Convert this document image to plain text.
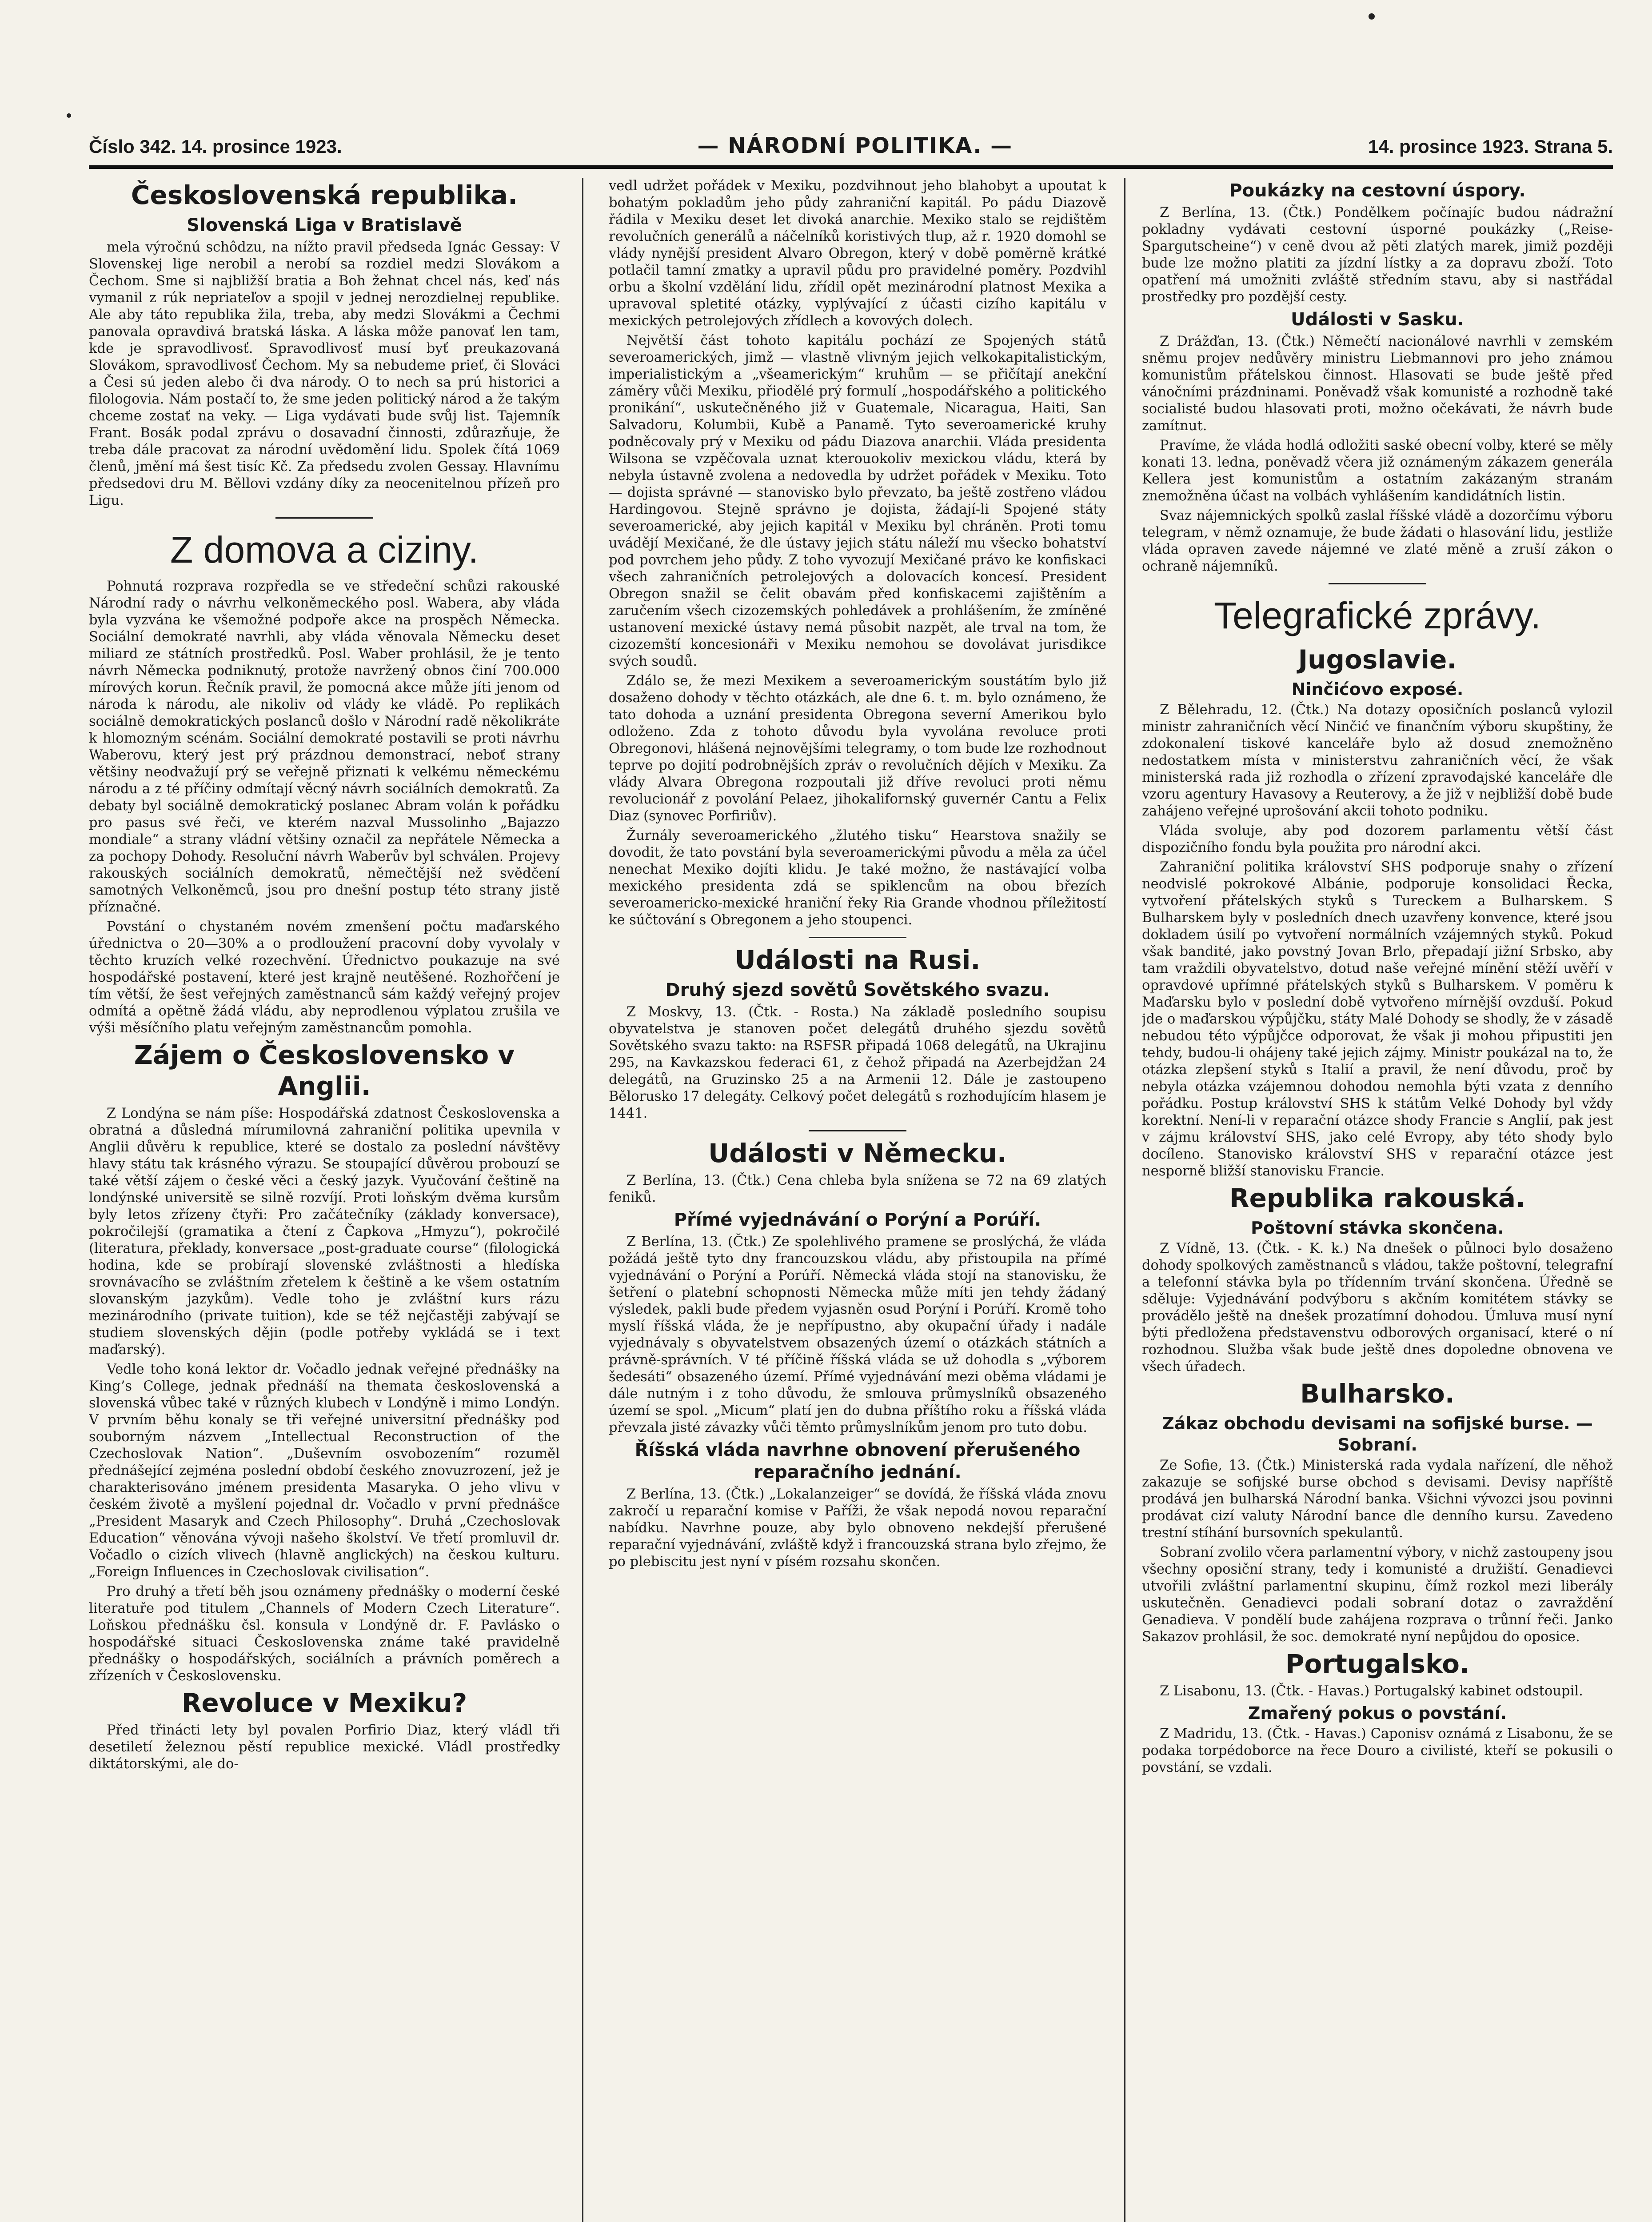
Číslo 342. 14. prosince 1923.	— NÁRODNÍ POLITIKA. —	14. prosince 1923. Strana 5.
Československá republika.
Slovenská Liga v Bratislavě

mela výročnú schôdzu, na nížto pravil předseda Ignác Gessay: V Slovenskej lige nerobil a nerobí sa rozdiel medzi Slovákom a Čechom. Sme si najbližší bratia a Boh žehnat chcel nás, keď nás vymanil z rúk nepriateľov a spojil v jednej nerozdielnej republike. Ale aby táto republika žila, treba, aby medzi Slovákmi a Čechmi panovala opravdivá bratská láska. A láska môže panovať len tam, kde je spravodlivosť. Spravodlivosť musí byť preukazovaná Slovákom, spravodlivosť Čechom. My sa nebudeme prieť, či Slováci a Česi sú jeden alebo či dva národy. O to nech sa prú historici a filologovia. Nám postačí to, že sme jeden politický národ a že takým chceme zostať na veky. — Liga vydávati bude svůj list. Tajemník Frant. Bosák podal zprávu o dosavadní činnosti, zdůrazňuje, že treba dále pracovat za národní uvědomění lidu. Spolek čítá 1069 členů, jmění má šest tisíc Kč. Za předsedu zvolen Gessay. Hlavnímu předsedovi dru M. Běllovi vzdány díky za neocenitelnou přízeň pro Ligu.

Z domova a ciziny.

Pohnutá rozprava rozpředla se ve středeční schůzi rakouské Národní rady o návrhu velkoněmeckého posl. Wabera, aby vláda byla vyzvána ke všemožné podpoře akce na prospěch Německa. Sociální demokraté navrhli, aby vláda věnovala Německu deset miliard ze státních prostředků. Posl. Waber prohlásil, že je tento návrh Německa podniknutý, protože navržený obnos činí 700.000 mírových korun. Řečník pravil, že pomocná akce může jíti jenom od národa k národu, ale nikoliv od vlády ke vládě. Po replikách sociálně demokratických poslanců došlo v Národní radě několikráte k hlomozným scénám. Sociální demokraté postavili se proti návrhu Waberovu, který jest prý prázdnou demonstrací, neboť strany většiny neodvažují prý se veřejně přiznati k velkému německému národu a z té příčiny odmítají věcný návrh sociálních demokratů. Za debaty byl sociálně demokratický poslanec Abram volán k pořádku pro pasus své řeči, ve kterém nazval Mussolinho „Bajazzo mondiale“ a strany vládní většiny označil za nepřátele Německa a za pochopy Dohody. Resoluční návrh Waberův byl schválen. Projevy rakouských sociálních demokratů, němečtější než svědčení samotných Velkoněmců, jsou pro dnešní postup této strany jistě příznačné.

Povstání o chystaném novém zmenšení počtu maďarského úřednictva o 20—30% a o prodloužení pracovní doby vyvolaly v těchto kruzích velké rozechvění. Úřednictvo poukazuje na své hospodářské postavení, které jest krajně neutěšené. Rozhořčení je tím větší, že šest veřejných zaměstnanců sám každý veřejný projev odmítá a opětně žádá vládu, aby neprodlenou výplatou zrušila ve výši měsíčního platu veřejným zaměstnancům pomohla.

Zájem o Československo v Anglii.

Z Londýna se nám píše: Hospodářská zdatnost Československa a obratná a důsledná mírumilovná zahraniční politika upevnila v Anglii důvěru k republice, které se dostalo za poslední návštěvy hlavy státu tak krásného výrazu. Se stoupající důvěrou probouzí se také větší zájem o české věci a český jazyk. Vyučování češtině na londýnské universitě se silně rozvíjí. Proti loňským dvěma kursům byly letos zřízeny čtyři: Pro začátečníky (základy konversace), pokročilejší (gramatika a čtení z Čapkova „Hmyzu“), pokročilé (literatura, překlady, konversace „post-graduate course“ (filologická hodina, kde se probírají slovenské zvláštnosti a hledíska srovnávacího se zvláštním zřetelem k češtině a ke všem ostatním slovanským jazykům). Vedle toho je zvláštní kurs rázu mezinárodního (private tuition), kde se též nejčastěji zabývají se studiem slovenských dějin (podle potřeby vykládá se i text maďarský).

Vedle toho koná lektor dr. Vočadlo jednak veřejné přednášky na King’s College, jednak přednáší na themata československá a slovenská vůbec také v různých klubech v Londýně i mimo Londýn. V prvním běhu konaly se tři veřejné universitní přednášky pod souborným názvem „Intellectual Reconstruction of the Czechoslovak Nation“. „Duševním osvobozením“ rozuměl přednášející zejména poslední období českého znovuzrození, jež je charakterisováno jménem presidenta Masaryka. O jeho vlivu v českém životě a myšlení pojednal dr. Vočadlo v první přednášce „President Masaryk and Czech Philosophy“. Druhá „Czechoslovak Education“ věnována vývoji našeho školství. Ve třetí promluvil dr. Vočadlo o cizích vlivech (hlavně anglických) na českou kulturu. „Foreign Influences in Czechoslovak civilisation“.

Pro druhý a třetí běh jsou oznámeny přednášky o moderní české literatuře pod titulem „Channels of Modern Czech Literature“. Loňskou přednášku čsl. konsula v Londýně dr. F. Pavlásko o hospodářské situaci Československa známe také pravidelně přednášky o hospodářských, sociálních a právních poměrech a zřízeních v Československu.

Revoluce v Mexiku?

Před třinácti lety byl povalen Porfirio Diaz, který vládl tři desetiletí železnou pěstí republice mexické. Vládl prostředky diktátorskými, ale do-

vedl udržet pořádek v Mexiku, pozdvihnout jeho blahobyt a upoutat k bohatým pokladům jeho půdy zahraniční kapitál. Po pádu Diazově řádila v Mexiku deset let divoká anarchie. Mexiko stalo se rejdištěm revolučních generálů a náčelníků koristivých tlup, až r. 1920 domohl se vlády nynější president Alvaro Obregon, který v době poměrně krátké potlačil tamní zmatky a upravil půdu pro pravidelné poměry. Pozdvihl orbu a školní vzdělání lidu, zřídil opět mezinárodní platnost Mexika a upravoval spletité otázky, vyplývající z účasti cizího kapitálu v mexických petrolejových zřídlech a kovových dolech.

Největší část tohoto kapitálu pochází ze Spojených států severoamerických, jimž — vlastně vlivným jejich velkokapitalistickým, imperialistickým a „všeamerickým“ kruhům — se přičítají anekční záměry vůči Mexiku, přiodělé prý formulí „hospodářského a politického pronikání“, uskutečněného již v Guatemale, Nicaragua, Haiti, San Salvadoru, Kolumbii, Kubě a Panamě. Tyto severoamerické kruhy podněcovaly prý v Mexiku od pádu Diazova anarchii. Vláda presidenta Wilsona se vzpěčovala uznat kterouokoliv mexickou vládu, která by nebyla ústavně zvolena a nedovedla by udržet pořádek v Mexiku. Toto — dojista správné — stanovisko bylo převzato, ba ještě zostřeno vládou Hardingovou. Stejně správno je dojista, žádají-li Spojené státy severoamerické, aby jejich kapitál v Mexiku byl chráněn. Proti tomu uvádějí Mexičané, že dle ústavy jejich státu náleží mu všecko bohatství pod povrchem jeho půdy. Z toho vyvozují Mexičané právo ke konfiskaci všech zahraničních petrolejových a dolovacích koncesí. President Obregon snažil se čelit obavám před konfiskacemi zajištěním a zaručením všech cizozemských pohledávek a prohlášením, že zmíněné ustanovení mexické ústavy nemá působit nazpět, ale trval na tom, že cizozemští koncesionáři v Mexiku nemohou se dovolávat jurisdikce svých soudů.

Zdálo se, že mezi Mexikem a severoamerickým soustátím bylo již dosaženo dohody v těchto otázkách, ale dne 6. t. m. bylo oznámeno, že tato dohoda a uznání presidenta Obregona severní Amerikou bylo odloženo. Zda z tohoto důvodu byla vyvolána revoluce proti Obregonovi, hlášená nejnovějšími telegramy, o tom bude lze rozhodnout teprve po dojití podrobnějších zpráv o revolučních dějích v Mexiku. Za vlády Alvara Obregona rozpoutali již dříve revoluci proti němu revolucionář z povolání Pelaez, jihokalifornský guvernér Cantu a Felix Diaz (synovec Porfiriův).

Žurnály severoamerického „žlutého tisku“ Hearstova snažily se dovodit, že tato povstání byla severoamerickými původu a měla za účel nenechat Mexiko dojíti klidu. Je také možno, že nastávající volba mexického presidenta zdá se spiklencům na obou březích severoamericko-mexické hraniční řeky Ria Grande vhodnou příležitostí ke súčtování s Obregonem a jeho stoupenci.

Události na Rusi.
Druhý sjezd sovětů Sovětského svazu.

Z Moskvy, 13. (Čtk. - Rosta.) Na základě posledního soupisu obyvatelstva je stanoven počet delegátů druhého sjezdu sovětů Sovětského svazu takto: na RSFSR připadá 1068 delegátů, na Ukrajinu 295, na Kavkazskou federaci 61, z čehož připadá na Azerbejdžan 24 delegátů, na Gruzinsko 25 a na Armenii 12. Dále je zastoupeno Bělorusko 17 delegáty. Celkový počet delegátů s rozhodujícím hlasem je 1441.

Události v Německu.

Z Berlína, 13. (Čtk.) Cena chleba byla snížena se 72 na 69 zlatých feniků.

Přímé vyjednávání o Porýní a Porúří.

Z Berlína, 13. (Čtk.) Ze spolehlivého pramene se proslýchá, že vláda požádá ještě tyto dny francouzskou vládu, aby přistoupila na přímé vyjednávání o Porýní a Porúří. Německá vláda stojí na stanovisku, že šetření o platební schopnosti Německa může míti jen tehdy žádaný výsledek, pakli bude předem vyjasněn osud Porýní i Porúří. Kromě toho myslí říšská vláda, že je nepřípustno, aby okupační úřady i nadále vyjednávaly s obyvatelstvem obsazených území o otázkách státních a právně-správních. V té příčině říšská vláda se už dohodla s „výborem šedesáti“ obsazeného území. Přímé vyjednávání mezi oběma vládami je dále nutným i z toho důvodu, že smlouva průmyslníků obsazeného území se spol. „Micum“ platí jen do dubna příštího roku a říšská vláda převzala jisté závazky vůči těmto průmyslníkům jenom pro tuto dobu.

Říšská vláda navrhne obnovení přerušeného reparačního jednání.

Z Berlína, 13. (Čtk.) „Lokalanzeiger“ se dovídá, že říšská vláda znovu zakročí u reparační komise v Paříži, že však nepodá novou reparační nabídku. Navrhne pouze, aby bylo obnoveno nekdejší přerušené reparační vyjednávání, zvláště když i francouzská strana bylo zřejmo, že po plebiscitu jest nyní v písém rozsahu skončen.

Poukázky na cestovní úspory.

Z Berlína, 13. (Čtk.) Pondělkem počínajíc budou nádražní pokladny vydávati cestovní úsporné poukázky („Reise-Spargutscheine“) v ceně dvou až pěti zlatých marek, jimiž později bude lze možno platiti za jízdní lístky a za dopravu zboží. Toto opatření má umožniti zvláště středním stavu, aby si nastřádal prostředky pro pozdější cesty.

Události v Sasku.

Z Drážďan, 13. (Čtk.) Němečtí nacionálové navrhli v zemském sněmu projev nedůvěry ministru Liebmannovi pro jeho známou komunistům přátelskou činnost. Hlasovati se bude ještě před vánočními prázdninami. Poněvadž však komunisté a rozhodně také socialisté budou hlasovati proti, možno očekávati, že návrh bude zamítnut.

Pravíme, že vláda hodlá odložiti saské obecní volby, které se měly konati 13. ledna, poněvadž včera již oznámeným zákazem generála Kellera jest komunistům a ostatním zakázaným stranám znemožněna účast na volbách vyhlášením kandidátních listin.

Svaz nájemnických spolků zaslal říšské vládě a dozorčímu výboru telegram, v němž oznamuje, že bude žádati o hlasování lidu, jestliže vláda opraven zavede nájemné ve zlaté měně a zruší zákon o ochraně nájemníků.

Telegrafické zprávy.
Jugoslavie.
Ninčićovo exposé.

Z Bělehradu, 12. (Čtk.) Na dotazy oposičních poslanců vylozil ministr zahraničních věcí Ninčić ve finančním výboru skupštiny, že zdokonalení tiskové kanceláře bylo až dosud znemožněno nedostatkem místa v ministerstvu zahraničních věcí, že však ministerská rada již rozhodla o zřízení zpravodajské kanceláře dle vzoru agentury Havasovy a Reuterovy, a že již v nejbližší době bude zahájeno veřejné uprošování akcii tohoto podniku.

Vláda svoluje, aby pod dozorem parlamentu větší část dispozičního fondu byla použita pro národní akci.

Zahraniční politika království SHS podporuje snahy o zřízení neodvislé pokrokové Albánie, podporuje konsolidaci Řecka, vytvoření přátelských styků s Tureckem a Bulharskem. S Bulharskem byly v posledních dnech uzavřeny konvence, které jsou dokladem úsilí po vytvoření normálních vzájemných styků. Pokud však bandité, jako povstný Jovan Brlo, přepadají jižní Srbsko, aby tam vraždili obyvatelstvo, dotud naše veřejné mínění stěží uvěří v opravdové upřímné přátelských styků s Bulharskem. V poměru k Maďarsku bylo v poslední době vytvořeno mírnější ovzduší. Pokud jde o maďarskou výpůjčku, státy Malé Dohody se shodly, že v zásadě nebudou této výpůjčce odporovat, že však ji mohou připustiti jen tehdy, budou-li ohájeny také jejich zájmy. Ministr poukázal na to, že otázka zlepšení styků s Italií a pravil, že není důvodu, proč by nebyla otázka vzájemnou dohodou nemohla býti vzata z denního pořádku. Postup království SHS k státům Velké Dohody byl vždy korektní. Není-li v reparační otázce shody Francie s Anglií, pak jest v zájmu království SHS, jako celé Evropy, aby této shody bylo docíleno. Stanovisko království SHS v reparační otázce jest nesporně bližší stanovisku Francie.

Republika rakouská.
Poštovní stávka skončena.

Z Vídně, 13. (Čtk. - K. k.) Na dnešek o půlnoci bylo dosaženo dohody spolkových zaměstnanců s vládou, takže poštovní, telegrafní a telefonní stávka byla po třídenním trvání skončena. Úředně se sděluje: Vyjednávání podvýboru s akčním komitétem stávky se provádělo ještě na dnešek prozatímní dohodou. Úmluva musí nyní býti předložena představenstvu odborových organisací, které o ní rozhodnou. Služba však bude ještě dnes dopoledne obnovena ve všech úřadech.

Bulharsko.
Zákaz obchodu devisami na sofijské burse. — Sobraní.

Ze Sofie, 13. (Čtk.) Ministerská rada vydala nařízení, dle něhož zakazuje se sofijské burse obchod s devisami. Devisy napříště prodává jen bulharská Národní banka. Všichni vývozci jsou povinni prodávat cizí valuty Národní bance dle denního kursu. Zavedeno trestní stíhání bursovních spekulantů.

Sobraní zvolilo včera parlamentní výbory, v nichž zastoupeny jsou všechny oposiční strany, tedy i komunisté a družiští. Genadievci utvořili zvláštní parlamentní skupinu, čímž rozkol mezi liberály uskutečněn. Genadievci podali sobraní dotaz o zavraždění Genadieva. V pondělí bude zahájena rozprava o trůnní řeči. Janko Sakazov prohlásil, že soc. demokraté nyní nepůjdou do oposice.

Portugalsko.

Z Lisabonu, 13. (Čtk. - Havas.) Portugalský kabinet odstoupil.

Zmařený pokus o povstání.

Z Madridu, 13. (Čtk. - Havas.) Caponisv oznámá z Lisabonu, že se podaka torpédoborce na řece Douro a civilisté, kteří se pokusili o povstání, se vzdali.
